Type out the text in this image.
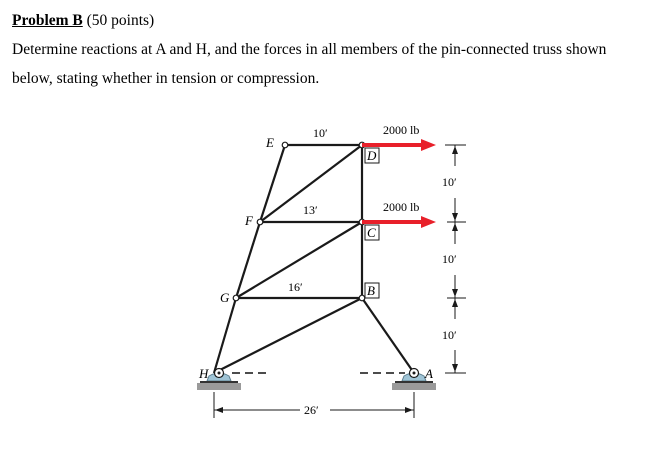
Problem B (50 points)
Determine reactions at A and H, and the forces in all members of the pin-connected truss shown
below, stating whether in tension or compression.
E
D
F
C
G	B
H	A
10′
13′
16′
2000 lb
2000 lb
10′
10′
10′
26′
